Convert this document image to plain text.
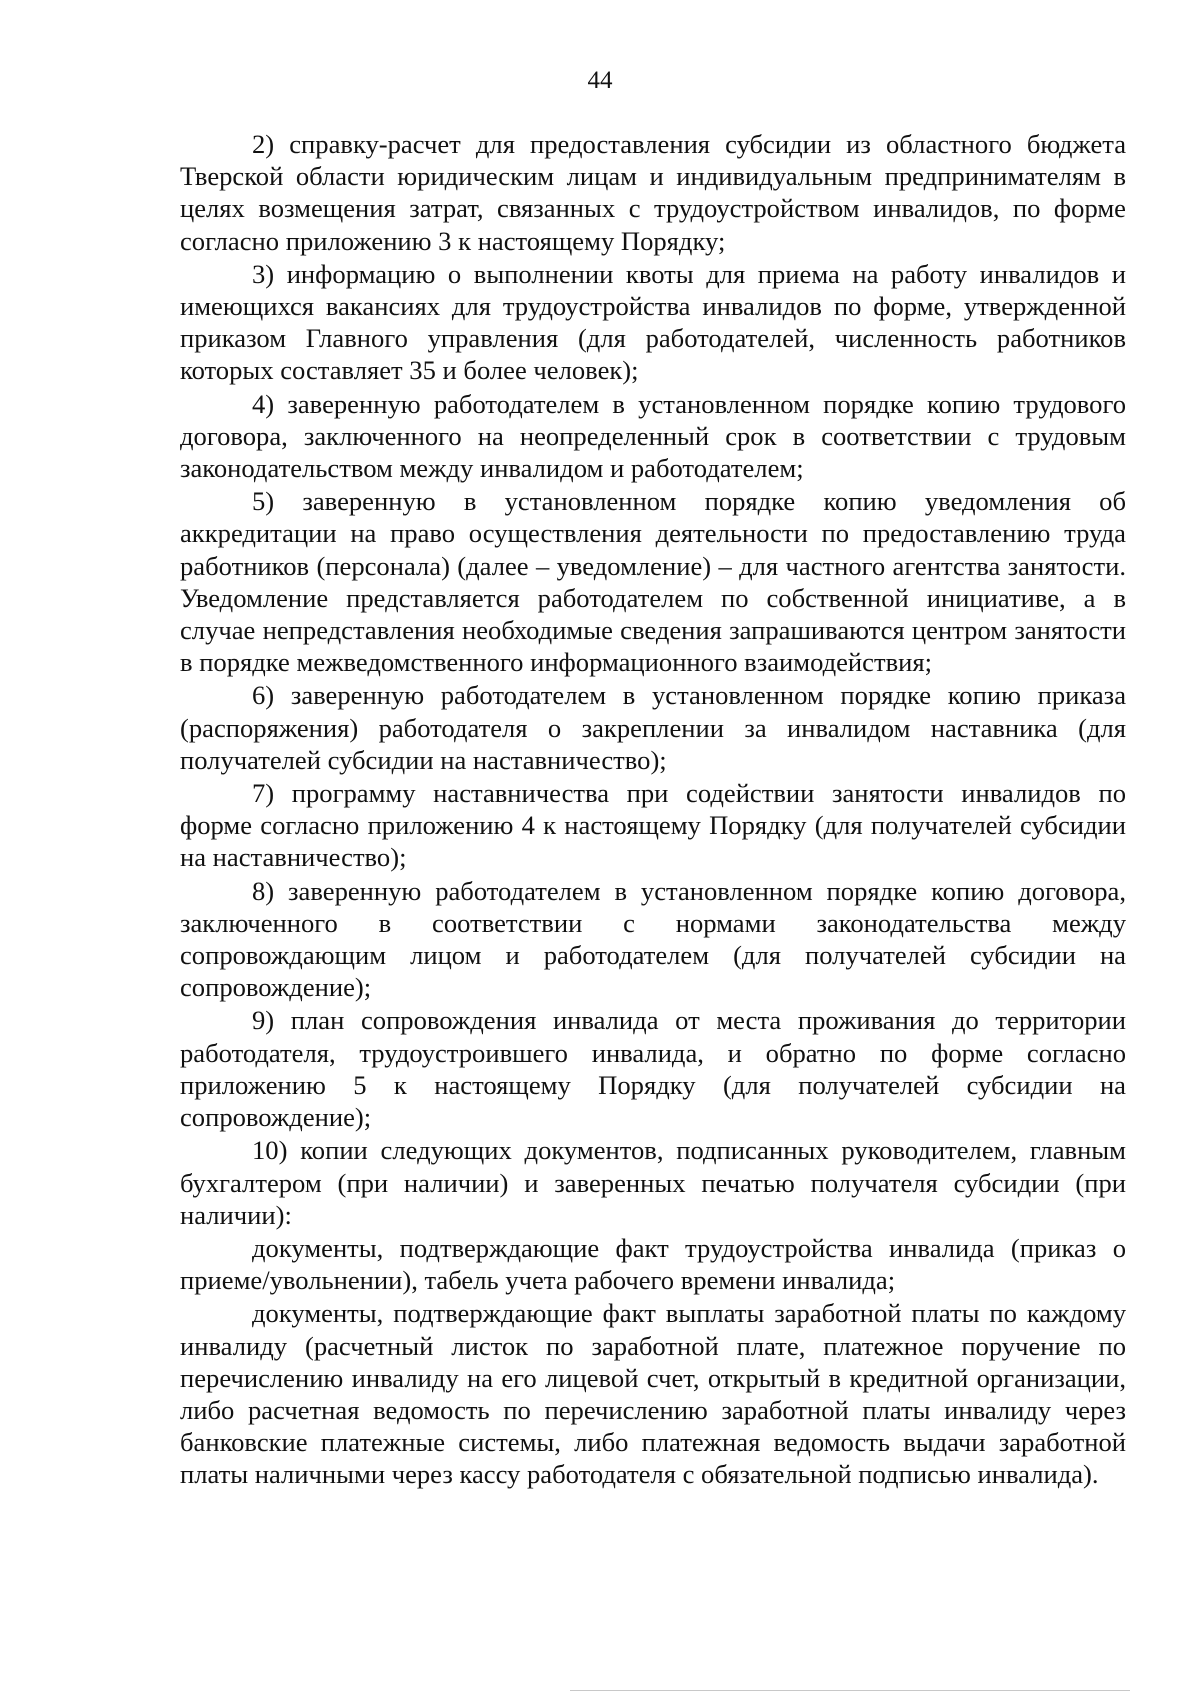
44

2) справку-расчет для предоставления субсидии из областного бюджета Тверской области юридическим лицам и индивидуальным предпринимателям в целях возмещения затрат, связанных с трудоустройством инвалидов, по форме согласно приложению 3 к настоящему Порядку;

3) информацию о выполнении квоты для приема на работу инвалидов и имеющихся вакансиях для трудоустройства инвалидов по форме, утвержденной приказом Главного управления (для работодателей, численность работников которых составляет 35 и более человек);

4) заверенную работодателем в установленном порядке копию трудового договора, заключенного на неопределенный срок в соответствии с трудовым законодательством между инвалидом и работодателем;

5) заверенную в установленном порядке копию уведомления об аккредитации на право осуществления деятельности по предоставлению труда работников (персонала) (далее – уведомление) – для частного агентства занятости. Уведомление представляется работодателем по собственной инициативе, а в случае непредставления необходимые сведения запрашиваются центром занятости в порядке межведомственного информационного взаимодействия;

6) заверенную работодателем в установленном порядке копию приказа (распоряжения) работодателя о закреплении за инвалидом наставника (для получателей субсидии на наставничество);

7) программу наставничества при содействии занятости инвалидов по форме согласно приложению 4 к настоящему Порядку (для получателей субсидии на наставничество);

8) заверенную работодателем в установленном порядке копию договора, заключенного в соответствии с нормами законодательства между сопровождающим лицом и работодателем (для получателей субсидии на сопровождение);

9) план сопровождения инвалида от места проживания до территории работодателя, трудоустроившего инвалида, и обратно по форме согласно приложению 5 к настоящему Порядку (для получателей субсидии на сопровождение);

10) копии следующих документов, подписанных руководителем, главным бухгалтером (при наличии) и заверенных печатью получателя субсидии (при наличии):

документы, подтверждающие факт трудоустройства инвалида (приказ о приеме/увольнении), табель учета рабочего времени инвалида;

документы, подтверждающие факт выплаты заработной платы по каждому инвалиду (расчетный листок по заработной плате, платежное поручение по перечислению инвалиду на его лицевой счет, открытый в кредитной организации, либо расчетная ведомость по перечислению заработной платы инвалиду через банковские платежные системы, либо платежная ведомость выдачи заработной платы наличными через кассу работодателя с обязательной подписью инвалида).
